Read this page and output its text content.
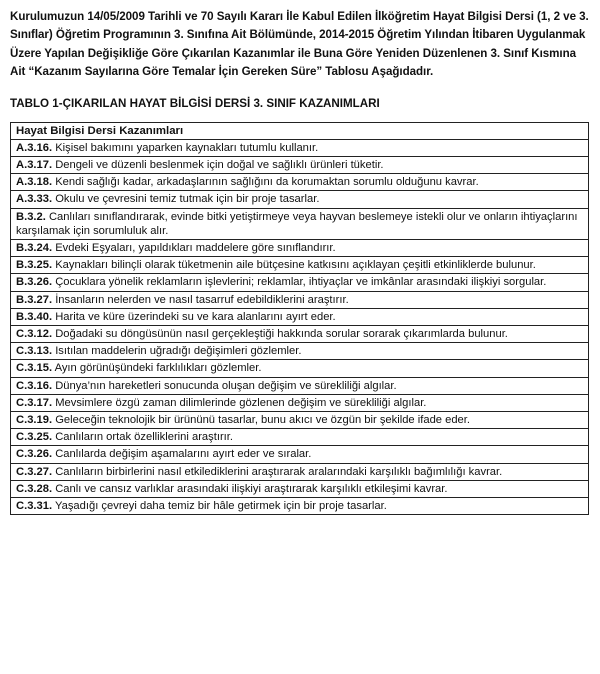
Kurulumuzun 14/05/2009 Tarihli ve 70 Sayılı Kararı İle Kabul Edilen İlköğretim Hayat Bilgisi Dersi (1, 2 ve 3. Sınıflar) Öğretim Programının 3. Sınıfına Ait Bölümünde, 2014-2015 Öğretim Yılından İtibaren Uygulanmak Üzere Yapılan Değişikliğe Göre Çıkarılan Kazanımlar ile Buna Göre Yeniden Düzenlenen 3. Sınıf Kısmına Ait “Kazanım Sayılarına Göre Temalar İçin Gereken Süre” Tablosu Aşağıdadır.

TABLO 1-ÇIKARILAN HAYAT BİLGİSİ DERSİ 3. SINIF KAZANIMLARI
Hayat Bilgisi Dersi Kazanımları
A.3.16. Kişisel bakımını yaparken kaynakları tutumlu kullanır.
A.3.17. Dengeli ve düzenli beslenmek için doğal ve sağlıklı ürünleri tüketir.
A.3.18. Kendi sağlığı kadar, arkadaşlarının sağlığını da korumaktan sorumlu olduğunu kavrar.
A.3.33. Okulu ve çevresini temiz tutmak için bir proje tasarlar.
B.3.2. Canlıları sınıflandırarak, evinde bitki yetiştirmeye veya hayvan beslemeye istekli olur ve onların ihtiyaçlarını karşılamak için sorumluluk alır.
B.3.24. Evdeki Eşyaları, yapıldıkları maddelere göre sınıflandırır.
B.3.25. Kaynakları bilinçli olarak tüketmenin aile bütçesine katkısını açıklayan çeşitli etkinliklerde bulunur.
B.3.26. Çocuklara yönelik reklamların işlevlerini; reklamlar, ihtiyaçlar ve imkânlar arasındaki ilişkiyi sorgular.
B.3.27. İnsanların nelerden ve nasıl tasarruf edebildiklerini araştırır.
B.3.40. Harita ve küre üzerindeki su ve kara alanlarını ayırt eder.
C.3.12. Doğadaki su döngüsünün nasıl gerçekleştiği hakkında sorular sorarak çıkarımlarda bulunur.
C.3.13. Isıtılan maddelerin uğradığı değişimleri gözlemler.
C.3.15. Ayın görünüşündeki farklılıkları gözlemler.
C.3.16. Dünya’nın hareketleri sonucunda oluşan değişim ve sürekliliği algılar.
C.3.17. Mevsimlere özgü zaman dilimlerinde gözlenen değişim ve sürekliliği algılar.
C.3.19. Geleceğin teknolojik bir ürününü tasarlar, bunu akıcı ve özgün bir şekilde ifade eder.
C.3.25. Canlıların ortak özelliklerini araştırır.
C.3.26. Canlılarda değişim aşamalarını ayırt eder ve sıralar.
C.3.27. Canlıların birbirlerini nasıl etkilediklerini araştırarak aralarındaki karşılıklı bağımlılığı kavrar.
C.3.28. Canlı ve cansız varlıklar arasındaki ilişkiyi araştırarak karşılıklı etkileşimi kavrar.
C.3.31. Yaşadığı çevreyi daha temiz bir hâle getirmek için bir proje tasarlar.
